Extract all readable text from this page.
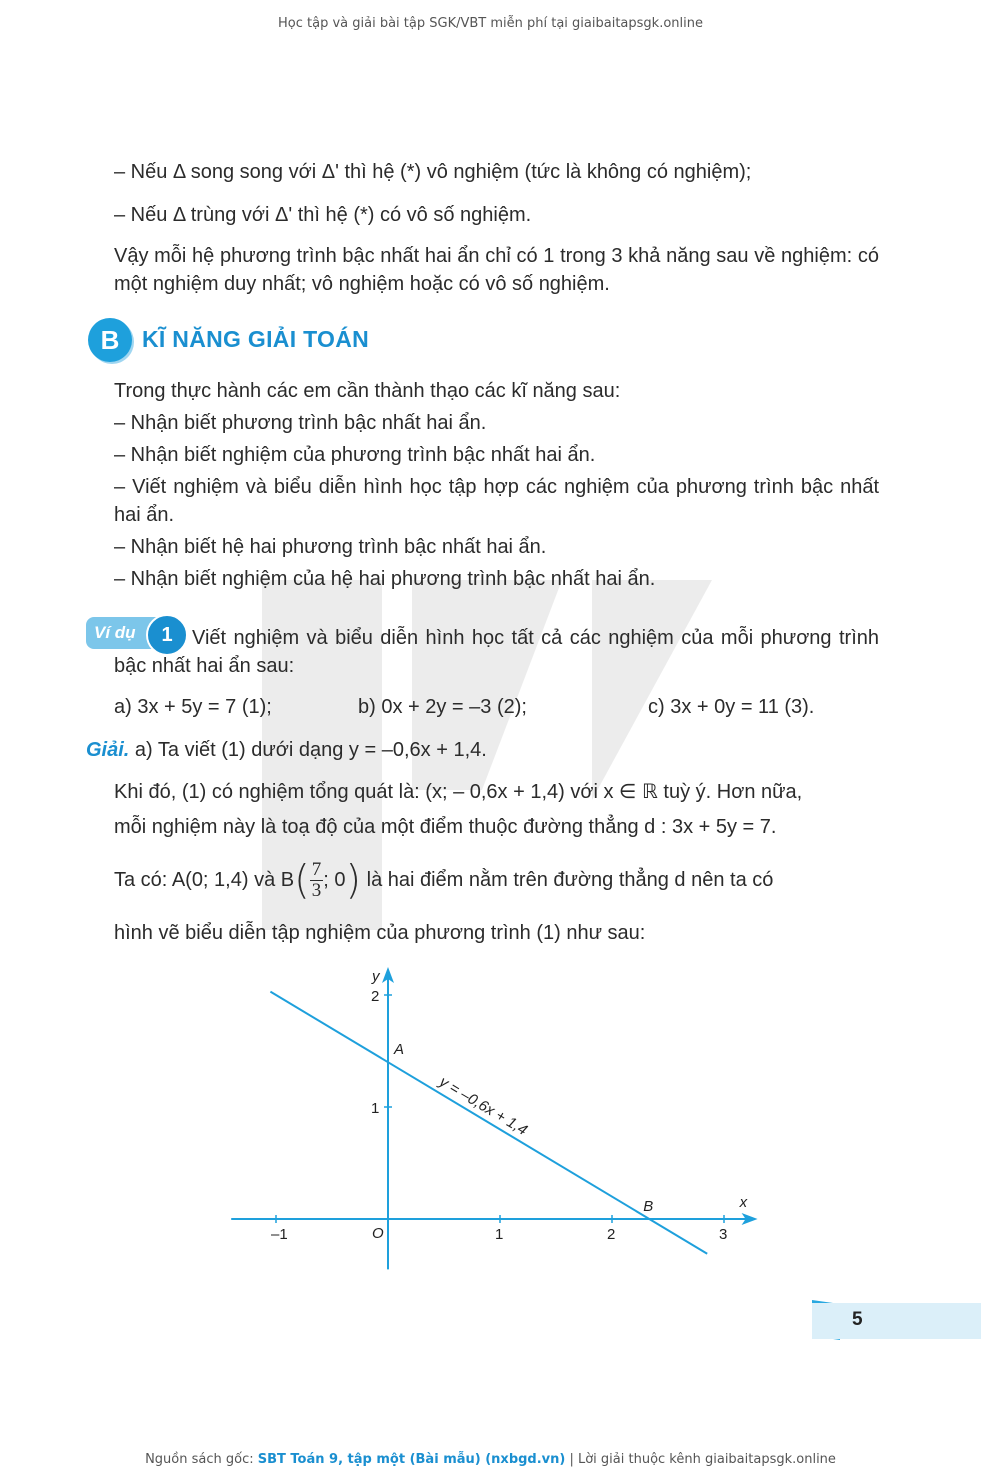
Học tập và giải bài tập SGK/VBT miễn phí tại giaibaitapsgk.online
– Nếu Δ song song với Δ' thì hệ (*) vô nghiệm (tức là không có nghiệm);
– Nếu Δ trùng với Δ' thì hệ (*) có vô số nghiệm.
Vậy mỗi hệ phương trình bậc nhất hai ẩn chỉ có 1 trong 3 khả năng sau về nghiệm: có một nghiệm duy nhất; vô nghiệm hoặc có vô số nghiệm.
B KĨ NĂNG GIẢI TOÁN
Trong thực hành các em cần thành thạo các kĩ năng sau:
– Nhận biết phương trình bậc nhất hai ẩn.
– Nhận biết nghiệm của phương trình bậc nhất hai ẩn.
– Viết nghiệm và biểu diễn hình học tập hợp các nghiệm của phương trình bậc nhất hai ẩn.
– Nhận biết hệ hai phương trình bậc nhất hai ẩn.
– Nhận biết nghiệm của hệ hai phương trình bậc nhất hai ẩn.
Ví dụ	1 Viết nghiệm và biểu diễn hình học tất cả các nghiệm của mỗi phương trình bậc nhất hai ẩn sau:
a) 3x + 5y = 7 (1);	b) 0x + 2y = –3 (2);	c) 3x + 0y = 11 (3).
Giải. a) Ta viết (1) dưới dạng y = –0,6x + 1,4.
Khi đó, (1) có nghiệm tổng quát là: (x; – 0,6x + 1,4) với x ∈ ℝ tuỳ ý. Hơn nữa,
mỗi nghiệm này là toạ độ của một điểm thuộc đường thẳng d : 3x + 5y = 7.
Ta có: A(0; 1,4) và $B( \frac{7}{3}$ ; 0) là hai điểm nằm trên đường thẳng d nên ta có
hình vẽ biểu diễn tập nghiệm của phương trình (1) như sau:
x
y
O
–1	1	2	3
1
2
y = –0,6x + 1,4
A
B
5
Nguồn sách gốc: SBT Toán 9, tập một (Bài mẫu) (nxbgd.vn) | Lời giải thuộc kênh giaibaitapsgk.online
